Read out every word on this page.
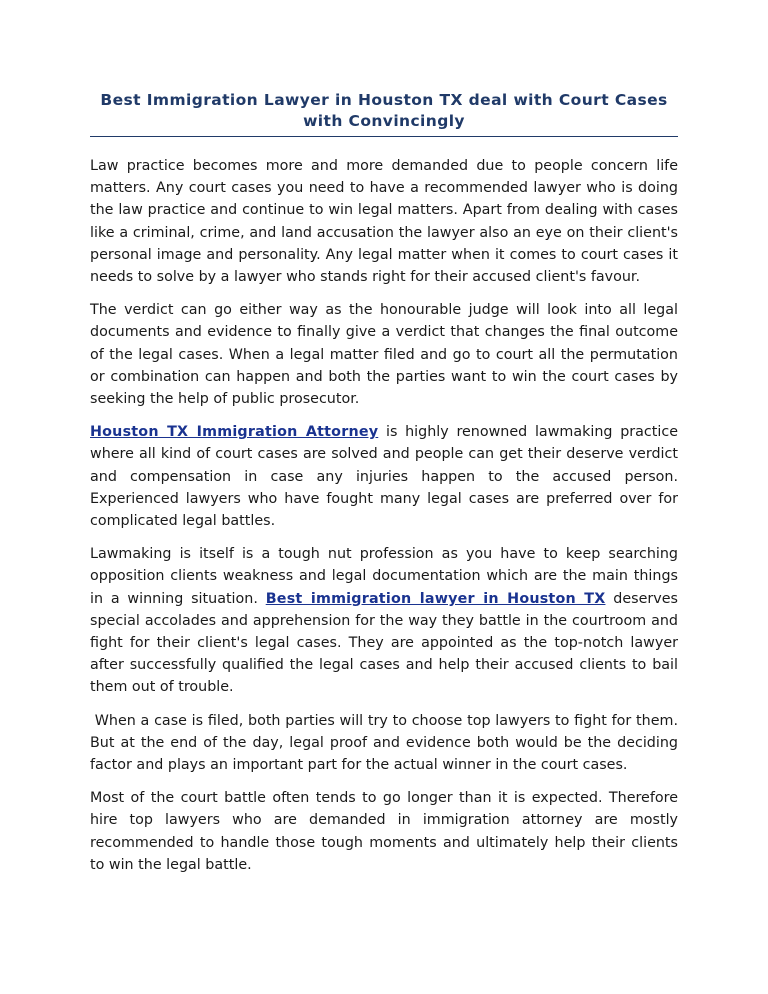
Best Immigration Lawyer in Houston TX deal with Court Cases with Convincingly

Law practice becomes more and more demanded due to people concern life matters. Any court cases you need to have a recommended lawyer who is doing the law practice and continue to win legal matters. Apart from dealing with cases like a criminal, crime, and land accusation the lawyer also an eye on their client's personal image and personality. Any legal matter when it comes to court cases it needs to solve by a lawyer who stands right for their accused client's favour.

The verdict can go either way as the honourable judge will look into all legal documents and evidence to finally give a verdict that changes the final outcome of the legal cases. When a legal matter filed and go to court all the permutation or combination can happen and both the parties want to win the court cases by seeking the help of public prosecutor.

Houston TX Immigration Attorney is highly renowned lawmaking practice where all kind of court cases are solved and people can get their deserve verdict and compensation in case any injuries happen to the accused person. Experienced lawyers who have fought many legal cases are preferred over for complicated legal battles.

Lawmaking is itself is a tough nut profession as you have to keep searching opposition clients weakness and legal documentation which are the main things in a winning situation. Best immigration lawyer in Houston TX deserves special accolades and apprehension for the way they battle in the courtroom and fight for their client's legal cases. They are appointed as the top-notch lawyer after successfully qualified the legal cases and help their accused clients to bail them out of trouble.

When a case is filed, both parties will try to choose top lawyers to fight for them. But at the end of the day, legal proof and evidence both would be the deciding factor and plays an important part for the actual winner in the court cases.

Most of the court battle often tends to go longer than it is expected. Therefore hire top lawyers who are demanded in immigration attorney are mostly recommended to handle those tough moments and ultimately help their clients to win the legal battle.
